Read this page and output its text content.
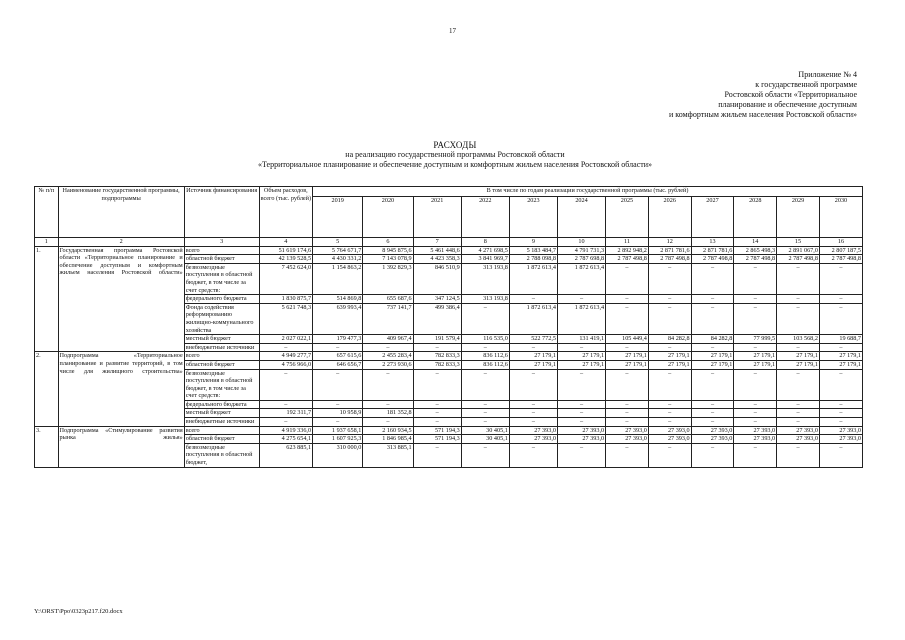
17
Приложение № 4
к государственной программе
Ростовской области «Территориальное
планирование и обеспечение доступным
и комфортным жильем населения Ростовской области»
РАСХОДЫ
на реализацию государственной программы Ростовской области
«Территориальное планирование и обеспечение доступным и комфортным жильем населения Ростовской области»
№ п/п	Наименование государственной программы, подпрограммы	Источник финансирования	Объем расходов, всего (тыс. рублей)	В том числе по годам реализации государственной программы (тыс. рублей)											
				2019	2020	2021	2022	2023	2024	2025	2026	2027	2028	2029	2030
1	2	3	4	5	6	7	8	9	10	11	12	13	14	15	16
1.	Государственная программа Ростовской области «Территориальное планирование и обеспечение доступным и комфортным жильем населения Ростовской области»	всего	51 619 174,6	5 764 671,7	8 945 875,6	5 461 448,6	4 271 698,5	5 183 484,7	4 791 731,3	2 892 948,2	2 871 781,6	2 871 781,6	2 865 498,3	2 891 067,0	2 807 187,5
		областной бюджет	42 139 528,5	4 430 331,2	7 143 078,9	4 423 358,3	3 841 969,7	2 788 098,8	2 787 698,8	2 787 498,8	2 787 498,8	2 787 498,8	2 787 498,8	2 787 498,8	2 787 498,8
		безвозмездные поступления в областной бюджет, в том числе за счет средств:	7 452 624,0	1 154 863,2	1 392 829,3	846 510,9	313 193,8	1 872 613,4	1 872 613,4	–	–	–	–	–	–
		федерального бюджета	1 830 875,7	514 869,8	655 687,6	347 124,5	313 193,8	–	–	–	–	–	–	–	–
		Фонда содействия реформированию жилищно-коммунального хозяйства	5 621 748,3	639 993,4	737 141,7	499 386,4	–	1 872 613,4	1 872 613,4	–	–	–	–	–	–
		местный бюджет	2 027 022,1	179 477,3	409 967,4	191 579,4	116 535,0	522 772,5	131 419,1	105 449,4	84 282,8	84 282,8	77 999,5	103 568,2	19 688,7
		внебюджетные источники	–	–	–	–	–	–	–	–	–	–	–	–	–
2.	Подпрограмма «Территориальное планирование и развитие территорий, в том числе для жилищного строительства»	всего	4 949 277,7	657 615,6	2 455 283,4	782 833,3	836 112,6	27 179,1	27 179,1	27 179,1	27 179,1	27 179,1	27 179,1	27 179,1	27 179,1
		областной бюджет	4 756 966,0	646 656,7	2 273 930,6	782 833,3	836 112,6	27 179,1	27 179,1	27 179,1	27 179,1	27 179,1	27 179,1	27 179,1	27 179,1
		безвозмездные поступления в областной бюджет, в том числе за счет средств:	–	–	–	–	–	–	–	–	–	–	–	–	–
		федерального бюджета	–	–	–	–	–	–	–	–	–	–	–	–	–
		местный бюджет	192 311,7	10 958,9	181 352,8	–	–	–	–	–	–	–	–	–	–
		внебюджетные источники	–	–	–	–	–	–	–	–	–	–	–	–	–
3.	Подпрограмма «Стимулирование развития рынка жилья»	всего	4 919 336,0	1 937 658,1	2 160 934,5	571 194,3	30 405,1	27 393,0	27 393,0	27 393,0	27 393,0	27 393,0	27 393,0	27 393,0	27 393,0
		областной бюджет	4 275 654,1	1 607 925,3	1 846 985,4	571 194,3	30 405,1	27 393,0	27 393,0	27 393,0	27 393,0	27 393,0	27 393,0	27 393,0	27 393,0
		безвозмездные поступления в областной бюджет,	623 885,1	310 000,0	313 885,1	–	–	–	–	–	–	–	–	–	–
Y:\ORST\Ppo\0323p217.f20.docx
